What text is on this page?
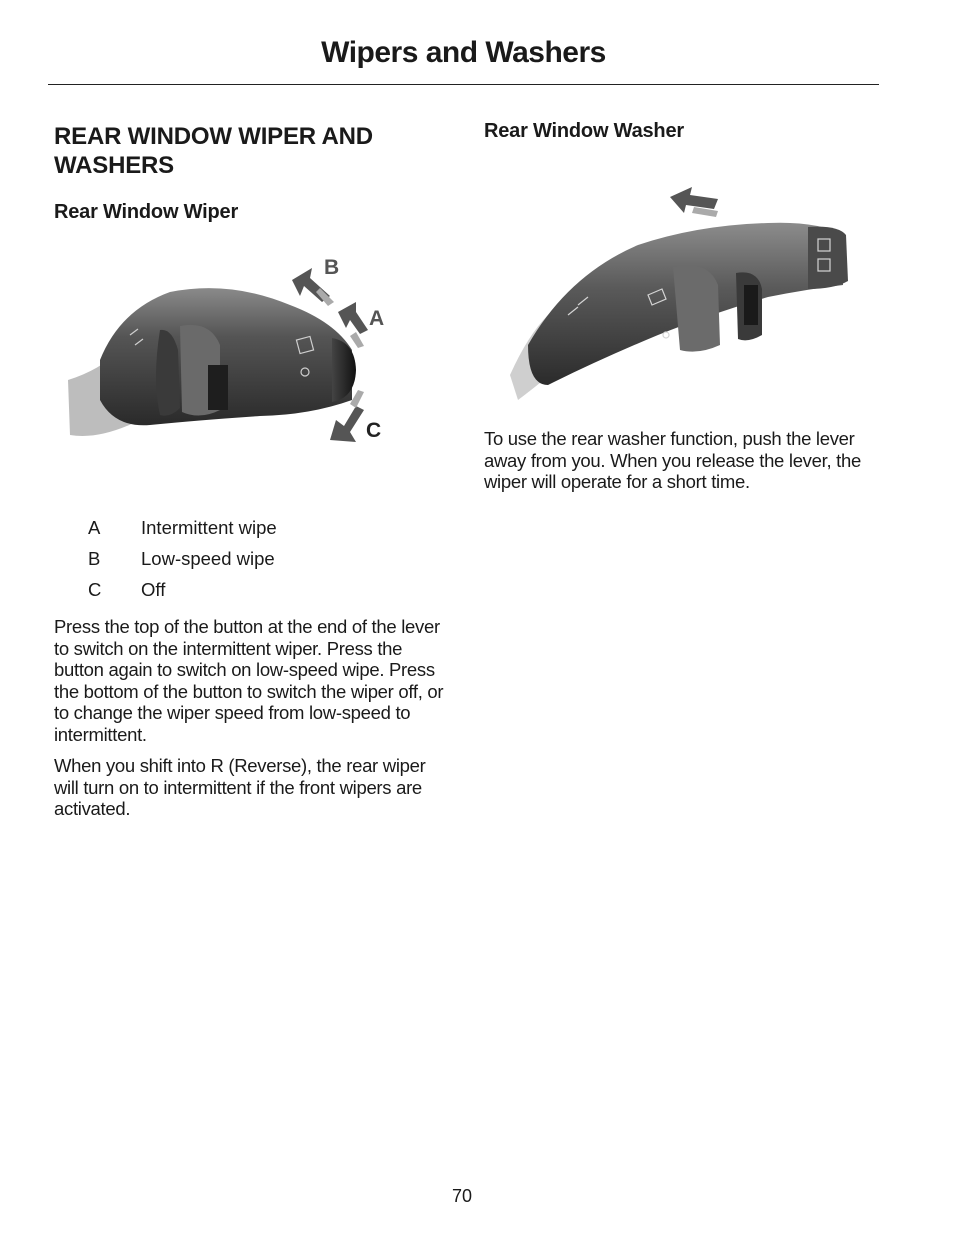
Wipers and Washers
REAR WINDOW WIPER AND WASHERS
Rear Window Wiper
B
A
C
A	Intermittent wipe
B	Low-speed wipe
C	Off

Press the top of the button at the end of the lever to switch on the intermittent wiper. Press the button again to switch on low-speed wipe. Press the bottom of the button to switch the wiper off, or to change the wiper speed from low-speed to intermittent.

When you shift into R (Reverse), the rear wiper will turn on to intermittent if the front wipers are activated.

Rear Window Washer

To use the rear washer function, push the lever away from you. When you release the lever, the wiper will operate for a short time.

70
